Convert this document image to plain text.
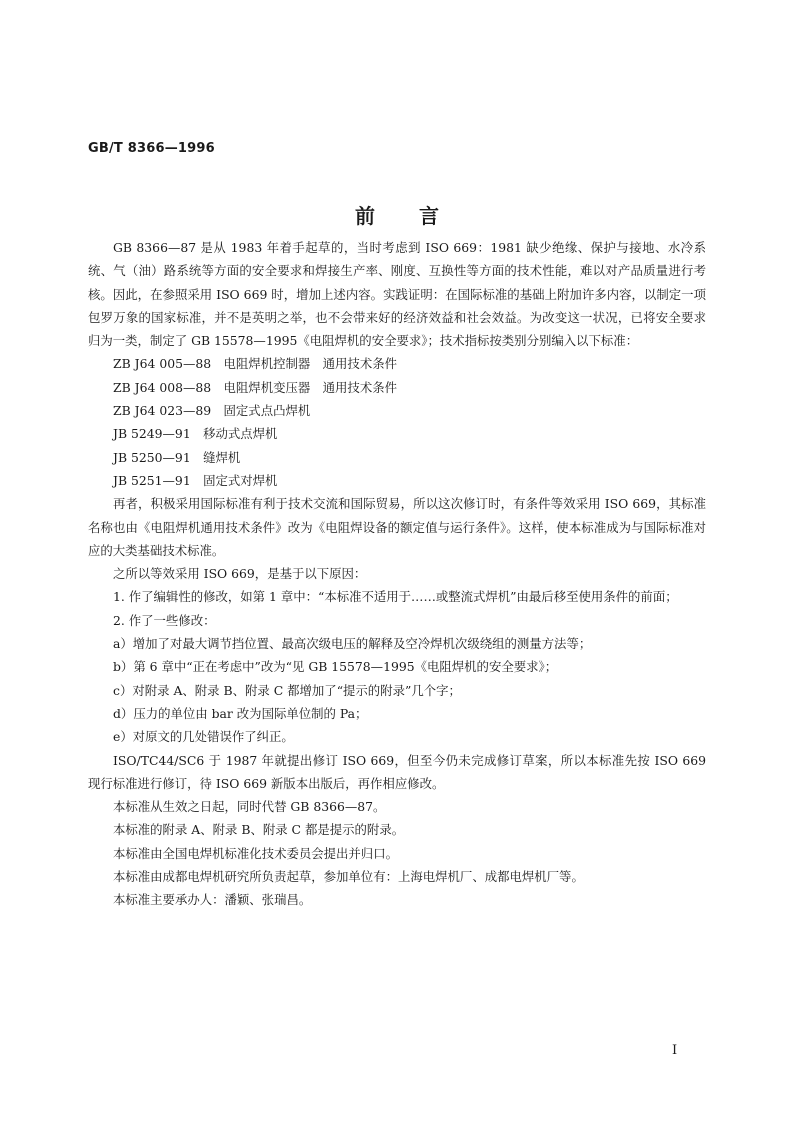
GB/T 8366—1996
前 言

GB 8366—87 是从 1983 年着手起草的，当时考虑到 ISO 669：1981 缺少绝缘、保护与接地、水冷系统、气（油）路系统等方面的安全要求和焊接生产率、刚度、互换性等方面的技术性能，难以对产品质量进行考核。因此，在参照采用 ISO 669 时，增加上述内容。实践证明：在国际标准的基础上附加许多内容，以制定一项包罗万象的国家标准，并不是英明之举，也不会带来好的经济效益和社会效益。为改变这一状况，已将安全要求归为一类，制定了 GB 15578—1995《电阻焊机的安全要求》；技术指标按类别分别编入以下标准：

ZB J64 005—88　电阻焊机控制器　通用技术条件

ZB J64 008—88　电阻焊机变压器　通用技术条件

ZB J64 023—89　固定式点凸焊机

JB 5249—91　移动式点焊机

JB 5250—91　缝焊机

JB 5251—91　固定式对焊机

再者，积极采用国际标准有利于技术交流和国际贸易，所以这次修订时，有条件等效采用 ISO 669，其标准名称也由《电阻焊机通用技术条件》改为《电阻焊设备的额定值与运行条件》。这样，使本标准成为与国际标准对应的大类基础技术标准。

之所以等效采用 ISO 669，是基于以下原因：

1. 作了编辑性的修改，如第 1 章中：“本标准不适用于……或整流式焊机”由最后移至使用条件的前面；

2. 作了一些修改：

a）增加了对最大调节挡位置、最高次级电压的解释及空冷焊机次级绕组的测量方法等；

b）第 6 章中“正在考虑中”改为“见 GB 15578—1995《电阻焊机的安全要求》；

c）对附录 A、附录 B、附录 C 都增加了“提示的附录”几个字；

d）压力的单位由 bar 改为国际单位制的 Pa；

e）对原文的几处错误作了纠正。

ISO/TC44/SC6 于 1987 年就提出修订 ISO 669，但至今仍未完成修订草案，所以本标准先按 ISO 669 现行标准进行修订，待 ISO 669 新版本出版后，再作相应修改。

本标准从生效之日起，同时代替 GB 8366—87。

本标准的附录 A、附录 B、附录 C 都是提示的附录。

本标准由全国电焊机标准化技术委员会提出并归口。

本标准由成都电焊机研究所负责起草，参加单位有：上海电焊机厂、成都电焊机厂等。

本标准主要承办人：潘颖、张瑞昌。

I
